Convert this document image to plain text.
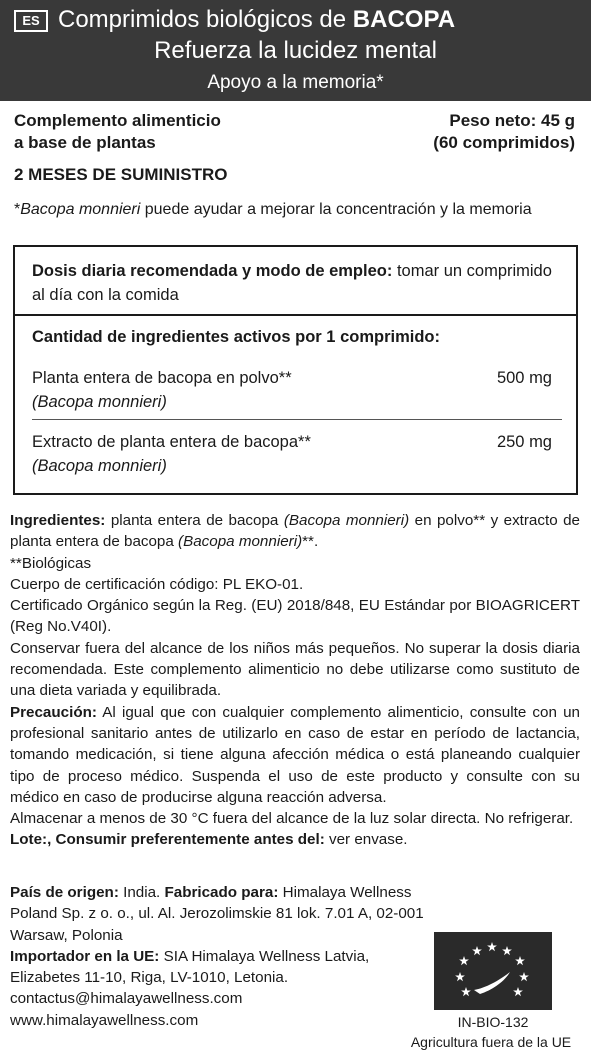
ES Comprimidos biológicos de BACOPA
Refuerza la lucidez mental
Apoyo a la memoria*
Complemento alimenticio
a base de plantas
Peso neto: 45 g
(60 comprimidos)
2 MESES DE SUMINISTRO
*Bacopa monnieri puede ayudar a mejorar la concentración y la memoria
Dosis diaria recomendada y modo de empleo: tomar un comprimido al día con la comida
Cantidad de ingredientes activos por 1 comprimido:
Planta entera de bacopa en polvo**
(Bacopa monnieri)
500 mg
Extracto de planta entera de bacopa**
(Bacopa monnieri)
250 mg

Ingredientes: planta entera de bacopa (Bacopa monnieri) en polvo** y extracto de planta entera de bacopa (Bacopa monnieri)**.

**Biológicas

Cuerpo de certificación código: PL EKO-01.

Certificado Orgánico según la Reg. (EU) 2018/848, EU Estándar por BIOAGRICERT (Reg No.V40I).

Conservar fuera del alcance de los niños más pequeños. No superar la dosis diaria recomendada. Este complemento alimenticio no debe utilizarse como sustituto de una dieta variada y equilibrada.

Precaución: Al igual que con cualquier complemento alimenticio, consulte con un profesional sanitario antes de utilizarlo en caso de estar en período de lactancia, tomando medicación, si tiene alguna afección médica o está planeando cualquier tipo de proceso médico. Suspenda el uso de este producto y consulte con su médico en caso de producirse alguna reacción adversa.

Almacenar a menos de 30 °C fuera del alcance de la luz solar directa. No refrigerar.

Lote:, Consumir preferentemente antes del: ver envase.

País de origen: India. Fabricado para: Himalaya Wellness Poland Sp. z o. o., ul. Al. Jerozolimskie 81 lok. 7.01 A, 02-001 Warsaw, Polonia

Importador en la UE: SIA Himalaya Wellness Latvia, Elizabetes 11-10, Riga, LV-1010, Letonia.

contactus@himalayawellness.com

www.himalayawellness.com	IN-BIO-132
Agricultura fuera de la UE
